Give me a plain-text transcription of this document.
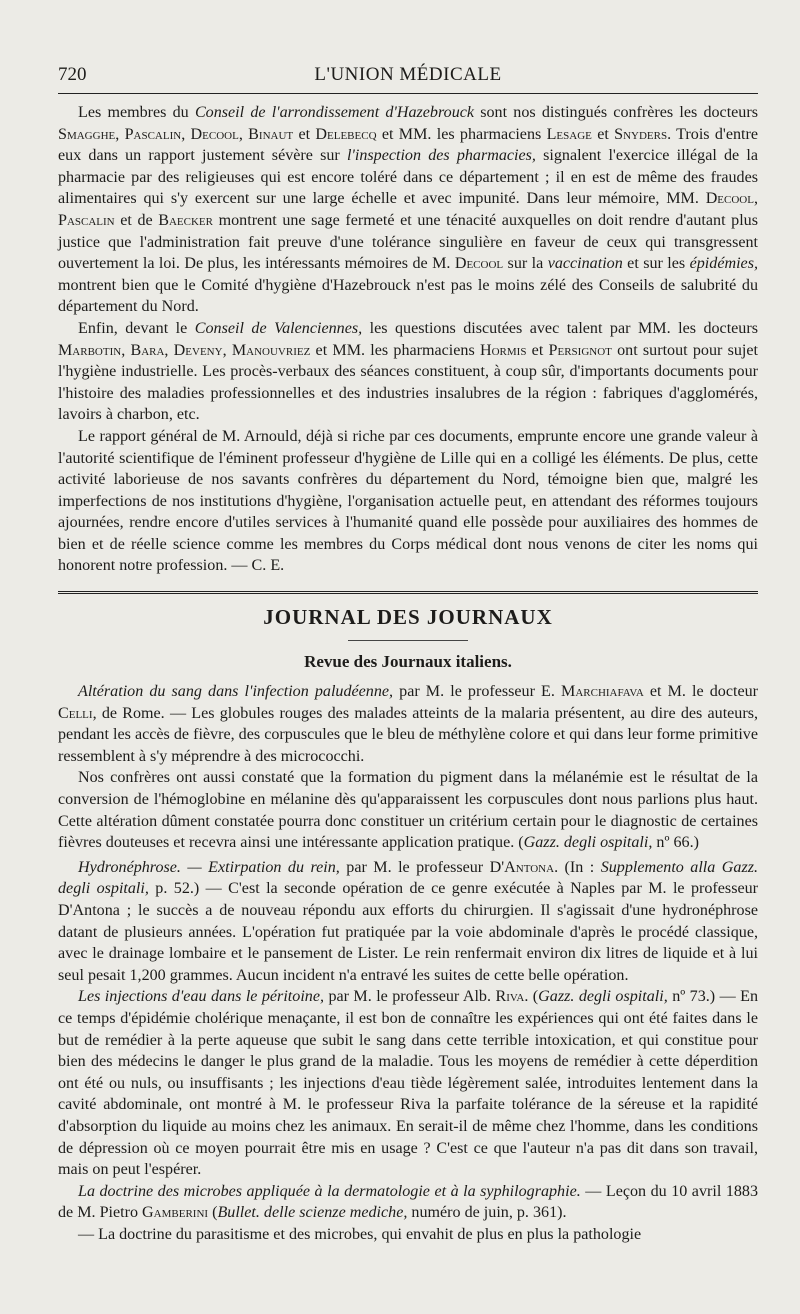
720	L'UNION MÉDICALE

Les membres du Conseil de l'arrondissement d'Hazebrouck sont nos distingués confrères les docteurs Smagghe, Pascalin, Decool, Binaut et Delebecq et MM. les pharmaciens Lesage et Snyders. Trois d'entre eux dans un rapport justement sévère sur l'inspection des pharmacies, signalent l'exercice illégal de la pharmacie par des religieuses qui est encore toléré dans ce département ; il en est de même des fraudes alimentaires qui s'y exercent sur une large échelle et avec impunité. Dans leur mémoire, MM. Decool, Pascalin et de Baecker montrent une sage fermeté et une ténacité auxquelles on doit rendre d'autant plus justice que l'administration fait preuve d'une tolérance singulière en faveur de ceux qui transgressent ouvertement la loi. De plus, les intéressants mémoires de M. Decool sur la vaccination et sur les épidémies, montrent bien que le Comité d'hygiène d'Hazebrouck n'est pas le moins zélé des Conseils de salubrité du département du Nord.

Enfin, devant le Conseil de Valenciennes, les questions discutées avec talent par MM. les docteurs Marbotin, Bara, Deveny, Manouvriez et MM. les pharmaciens Hormis et Persignot ont surtout pour sujet l'hygiène industrielle. Les procès-verbaux des séances constituent, à coup sûr, d'importants documents pour l'histoire des maladies professionnelles et des industries insalubres de la région : fabriques d'agglomérés, lavoirs à charbon, etc.

Le rapport général de M. Arnould, déjà si riche par ces documents, emprunte encore une grande valeur à l'autorité scientifique de l'éminent professeur d'hygiène de Lille qui en a colligé les éléments. De plus, cette activité laborieuse de nos savants confrères du département du Nord, témoigne bien que, malgré les imperfections de nos institutions d'hygiène, l'organisation actuelle peut, en attendant des réformes toujours ajournées, rendre encore d'utiles services à l'humanité quand elle possède pour auxiliaires des hommes de bien et de réelle science comme les membres du Corps médical dont nous venons de citer les noms qui honorent notre profession. — C. E.

JOURNAL DES JOURNAUX
Revue des Journaux italiens.

Altération du sang dans l'infection paludéenne, par M. le professeur E. Marchiafava et M. le docteur Celli, de Rome. — Les globules rouges des malades atteints de la malaria présentent, au dire des auteurs, pendant les accès de fièvre, des corpuscules que le bleu de méthylène colore et qui dans leur forme primitive ressemblent à s'y méprendre à des micrococchi.

Nos confrères ont aussi constaté que la formation du pigment dans la mélanémie est le résultat de la conversion de l'hémoglobine en mélanine dès qu'apparaissent les corpuscules dont nous parlions plus haut. Cette altération dûment constatée pourra donc constituer un critérium certain pour le diagnostic de certaines fièvres douteuses et recevra ainsi une intéressante application pratique. (Gazz. degli ospitali, nº 66.)

Hydronéphrose. — Extirpation du rein, par M. le professeur D'Antona. (In : Supplemento alla Gazz. degli ospitali, p. 52.) — C'est la seconde opération de ce genre exécutée à Naples par M. le professeur D'Antona ; le succès a de nouveau répondu aux efforts du chirurgien. Il s'agissait d'une hydronéphrose datant de plusieurs années. L'opération fut pratiquée par la voie abdominale d'après le procédé classique, avec le drainage lombaire et le pansement de Lister. Le rein renfermait environ dix litres de liquide et à lui seul pesait 1,200 grammes. Aucun incident n'a entravé les suites de cette belle opération.

Les injections d'eau dans le péritoine, par M. le professeur Alb. Riva. (Gazz. degli ospitali, nº 73.) — En ce temps d'épidémie cholérique menaçante, il est bon de connaître les expériences qui ont été faites dans le but de remédier à la perte aqueuse que subit le sang dans cette terrible intoxication, et qui constitue pour bien des médecins le danger le plus grand de la maladie. Tous les moyens de remédier à cette déperdition ont été ou nuls, ou insuffisants ; les injections d'eau tiède légèrement salée, introduites lentement dans la cavité abdominale, ont montré à M. le professeur Riva la parfaite tolérance de la séreuse et la rapidité d'absorption du liquide au moins chez les animaux. En serait-il de même chez l'homme, dans les conditions de dépression où ce moyen pourrait être mis en usage ? C'est ce que l'auteur n'a pas dit dans son travail, mais on peut l'espérer.

La doctrine des microbes appliquée à la dermatologie et à la syphilographie. — Leçon du 10 avril 1883 de M. Pietro Gamberini (Bullet. delle scienze mediche, numéro de juin, p. 361).

— La doctrine du parasitisme et des microbes, qui envahit de plus en plus la pathologie
